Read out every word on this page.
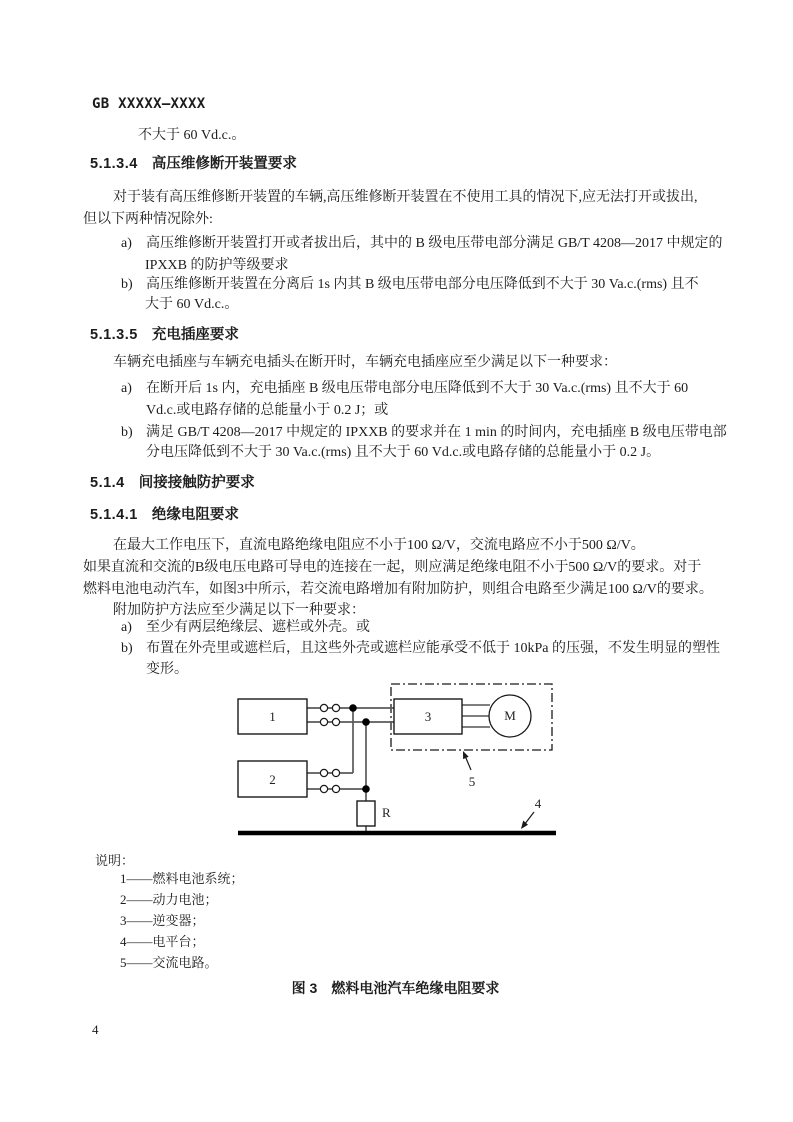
GB XXXXX—XXXX
不大于 60 Vd.c.。
5.1.3.4 高压维修断开装置要求
对于装有高压维修断开装置的车辆,高压维修断开装置在不使用工具的情况下,应无法打开或拔出,
但以下两种情况除外:
a) 高压维修断开装置打开或者拔出后，其中的 B 级电压带电部分满足 GB/T 4208—2017 中规定的
IPXXB 的防护等级要求
b) 高压维修断开装置在分离后 1s 内其 B 级电压带电部分电压降低到不大于 30 Va.c.(rms) 且不
大于 60 Vd.c.。
5.1.3.5 充电插座要求
车辆充电插座与车辆充电插头在断开时，车辆充电插座应至少满足以下一种要求：
a) 在断开后 1s 内，充电插座 B 级电压带电部分电压降低到不大于 30 Va.c.(rms) 且不大于 60
Vd.c.或电路存储的总能量小于 0.2 J；或
b) 满足 GB/T 4208—2017 中规定的 IPXXB 的要求并在 1 min 的时间内，充电插座 B 级电压带电部
分电压降低到不大于 30 Va.c.(rms) 且不大于 60 Vd.c.或电路存储的总能量小于 0.2 J。
5.1.4 间接接触防护要求
5.1.4.1 绝缘电阻要求
在最大工作电压下，直流电路绝缘电阻应不小于100 Ω/V，交流电路应不小于500 Ω/V。
如果直流和交流的B级电压电路可导电的连接在一起，则应满足绝缘电阻不小于500 Ω/V的要求。对于
燃料电池电动汽车，如图3中所示，若交流电路增加有附加防护，则组合电路至少满足100 Ω/V的要求。
附加防护方法应至少满足以下一种要求：
a) 至少有两层绝缘层、遮栏或外壳。或
b) 布置在外壳里或遮栏后，且这些外壳或遮栏应能承受不低于 10kPa 的压强，不发生明显的塑性
变形。
1
2
3	M
R
5
4
说明：
1——燃料电池系统；
2——动力电池；
3——逆变器；
4——电平台；
5——交流电路。
图 3　燃料电池汽车绝缘电阻要求
4
